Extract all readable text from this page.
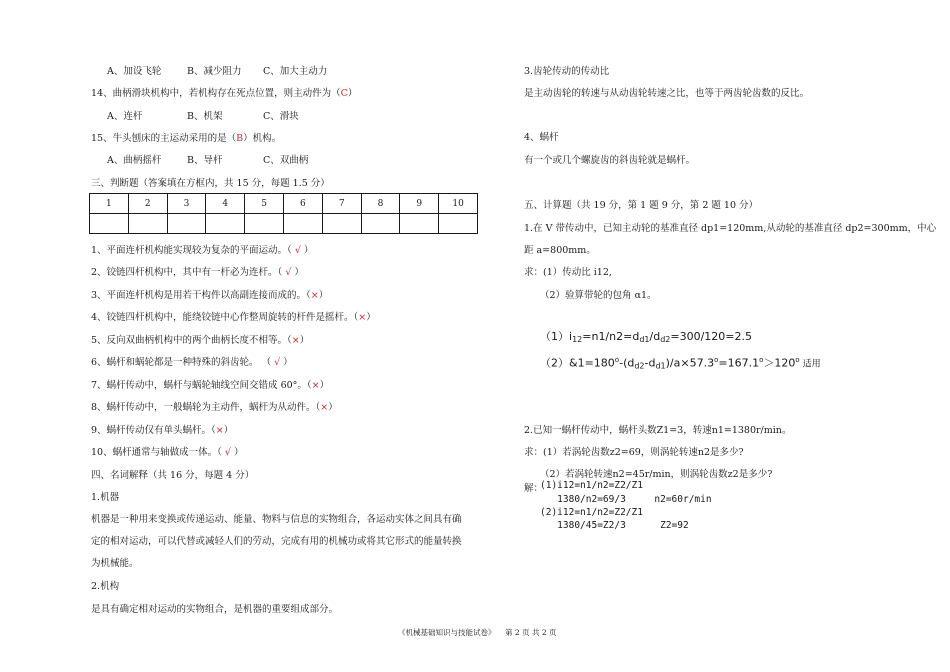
A、加设飞轮	B、减少阻力 C、加大主动力
14、曲柄滑块机构中，若机构存在死点位置，则主动件为（C）
A、连杆	B、机架	C、滑块
15、牛头刨床的主运动采用的是（B）机构。
A、曲柄摇杆	B、导杆	C、双曲柄
三、判断题（答案填在方框内，共 15 分，每题 1.5 分）
1	2	3	4	5	6	7	8	9	10

1、平面连杆机构能实现较为复杂的平面运动。（ √ ）
2、铰链四杆机构中，其中有一杆必为连杆。（ √ ）
3、平面连杆机构是用若干构件以高副连接而成的。（×）
4、铰链四杆机构中，能绕铰链中心作整周旋转的杆件是摇杆。（×）
5、反向双曲柄机构中的两个曲柄长度不相等。（×）
6、蜗杆和蜗轮都是一种特殊的斜齿轮。 （ √ ）
7、蜗杆传动中，蜗杆与蜗轮轴线空间交错成 60°。（×）
8、蜗杆传动中，一般蜗轮为主动件，蜗杆为从动件。（×）
9、蜗杆传动仅有单头蜗杆。（×）
10、蜗杆通常与轴做成一体。（ √ ）
四、名词解释（共 16 分，每题 4 分）
1.机器
机器是一种用来变换或传递运动、能量、物料与信息的实物组合，各运动实体之间具有确
定的相对运动，可以代替或减轻人们的劳动，完成有用的机械功或将其它形式的能量转换
为机械能。
2.机构
是具有确定相对运动的实物组合，是机器的重要组成部分。
3.齿轮传动的传动比
是主动齿轮的转速与从动齿轮转速之比，也等于两齿轮齿数的反比。
4、蜗杆
有一个或几个螺旋齿的斜齿轮就是蜗杆。
五、计算题（共 19 分，第 1 题 9 分，第 2 题 10 分）
1.在 V 带传动中，已知主动轮的基准直径 dp1=120mm,从动轮的基准直径 dp2=300mm，中心
距 a=800mm。
求：(1）传动比 i12,
（2）验算带轮的包角 α1。
$(1)i_{12}=n1/n2=d_{d1}/d_{d2}=300/120=2.5$
$(2)\&1=180^o-(d_{d2}-d_{d1})/a\times 57.3^o=167.1^o>120^o$ 适用
2.已知一蜗杆传动中，蜗杆头数Z1=3，转速n1=1380r/min。
求：(1）若涡轮齿数z2=69，则涡轮转速n2是多少?
（2）若涡轮转速n2=45r/min，则涡轮齿数z2是多少?
解：
(1)i12=n1/n2=Z2/Z1
1380/n2=69/3     n2=60r/min
(2)i12=n1/n2=Z2/Z1
1380/45=Z2/3      Z2=92
《机械基础知识与技能试卷》    第 2 页 共 2 页
